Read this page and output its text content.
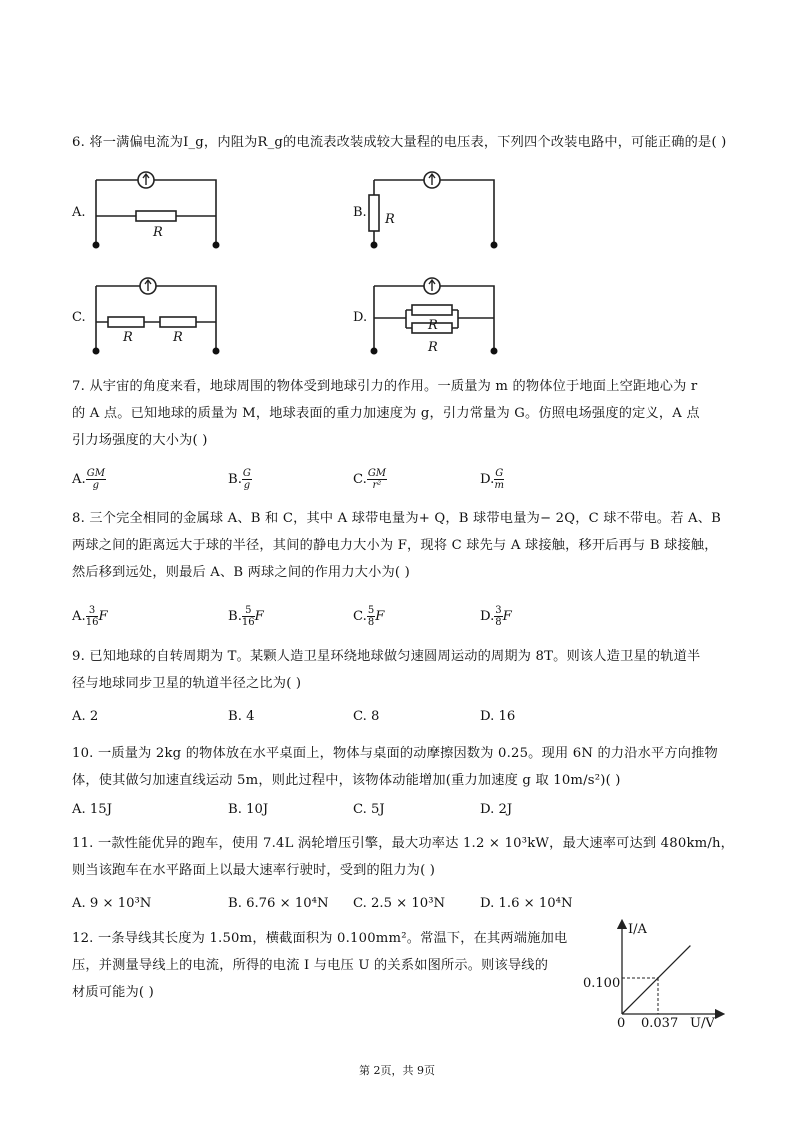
6. 将一满偏电流为I_g，内阻为R_g的电流表改装成较大量程的电压表，下列四个改装电路中，可能正确的是( )
A.
R
B. R
C.
R	R
D.
R
R
7. 从宇宙的角度来看，地球周围的物体受到地球引力的作用。一质量为 m 的物体位于地面上空距地心为 r
的 A 点。已知地球的质量为 M，地球表面的重力加速度为 g，引力常量为 G。仿照电场强度的定义，A 点
引力场强度的大小为( )
A. $\frac{GM}{g}$	B. $\frac{G}{g}$	C. $\frac{GM}{\text{r²}}$	D. $\frac{G}{m}$
8. 三个完全相同的金属球 A、B 和 C，其中 A 球带电量为+ Q，B 球带电量为− 2Q，C 球不带电。若 A、B
两球之间的距离远大于球的半径，其间的静电力大小为 F，现将 C 球先与 A 球接触，移开后再与 B 球接触，
然后移到远处，则最后 A、B 两球之间的作用力大小为( )
A. $\frac{3}{16}$ F	B. $\frac{5}{16}$ F	C. $\frac{5}{8}$ F	D. $\frac{3}{8}$ F
9. 已知地球的自转周期为 T。某颗人造卫星环绕地球做匀速圆周运动的周期为 8T。则该人造卫星的轨道半
径与地球同步卫星的轨道半径之比为( )
A. 2	B. 4	C. 8	D. 16
10. 一质量为 2kg 的物体放在水平桌面上，物体与桌面的动摩擦因数为 0.25。现用 6N 的力沿水平方向推物
体，使其做匀加速直线运动 5m，则此过程中，该物体动能增加(重力加速度 g 取 10m/s²)( )
A. 15J	B. 10J	C. 5J	D. 2J
11. 一款性能优异的跑车，使用 7.4L 涡轮增压引擎，最大功率达 1.2 × 10³kW，最大速率可达到 480km/h，
则当该跑车在水平路面上以最大速率行驶时，受到的阻力为( )
A. 9 × 10³N	B. 6.76 × 10⁴N C. 2.5 × 10³N	D. 1.6 × 10⁴N
12. 一条导线其长度为 1.50m，横截面积为 0.100mm²。常温下，在其两端施加电
压，并测量导线上的电流，所得的电流 I 与电压 U 的关系如图所示。则该导线的
材质可能为( )
I/A
U/V
0
0.100
0.037
第 2页，共 9页
